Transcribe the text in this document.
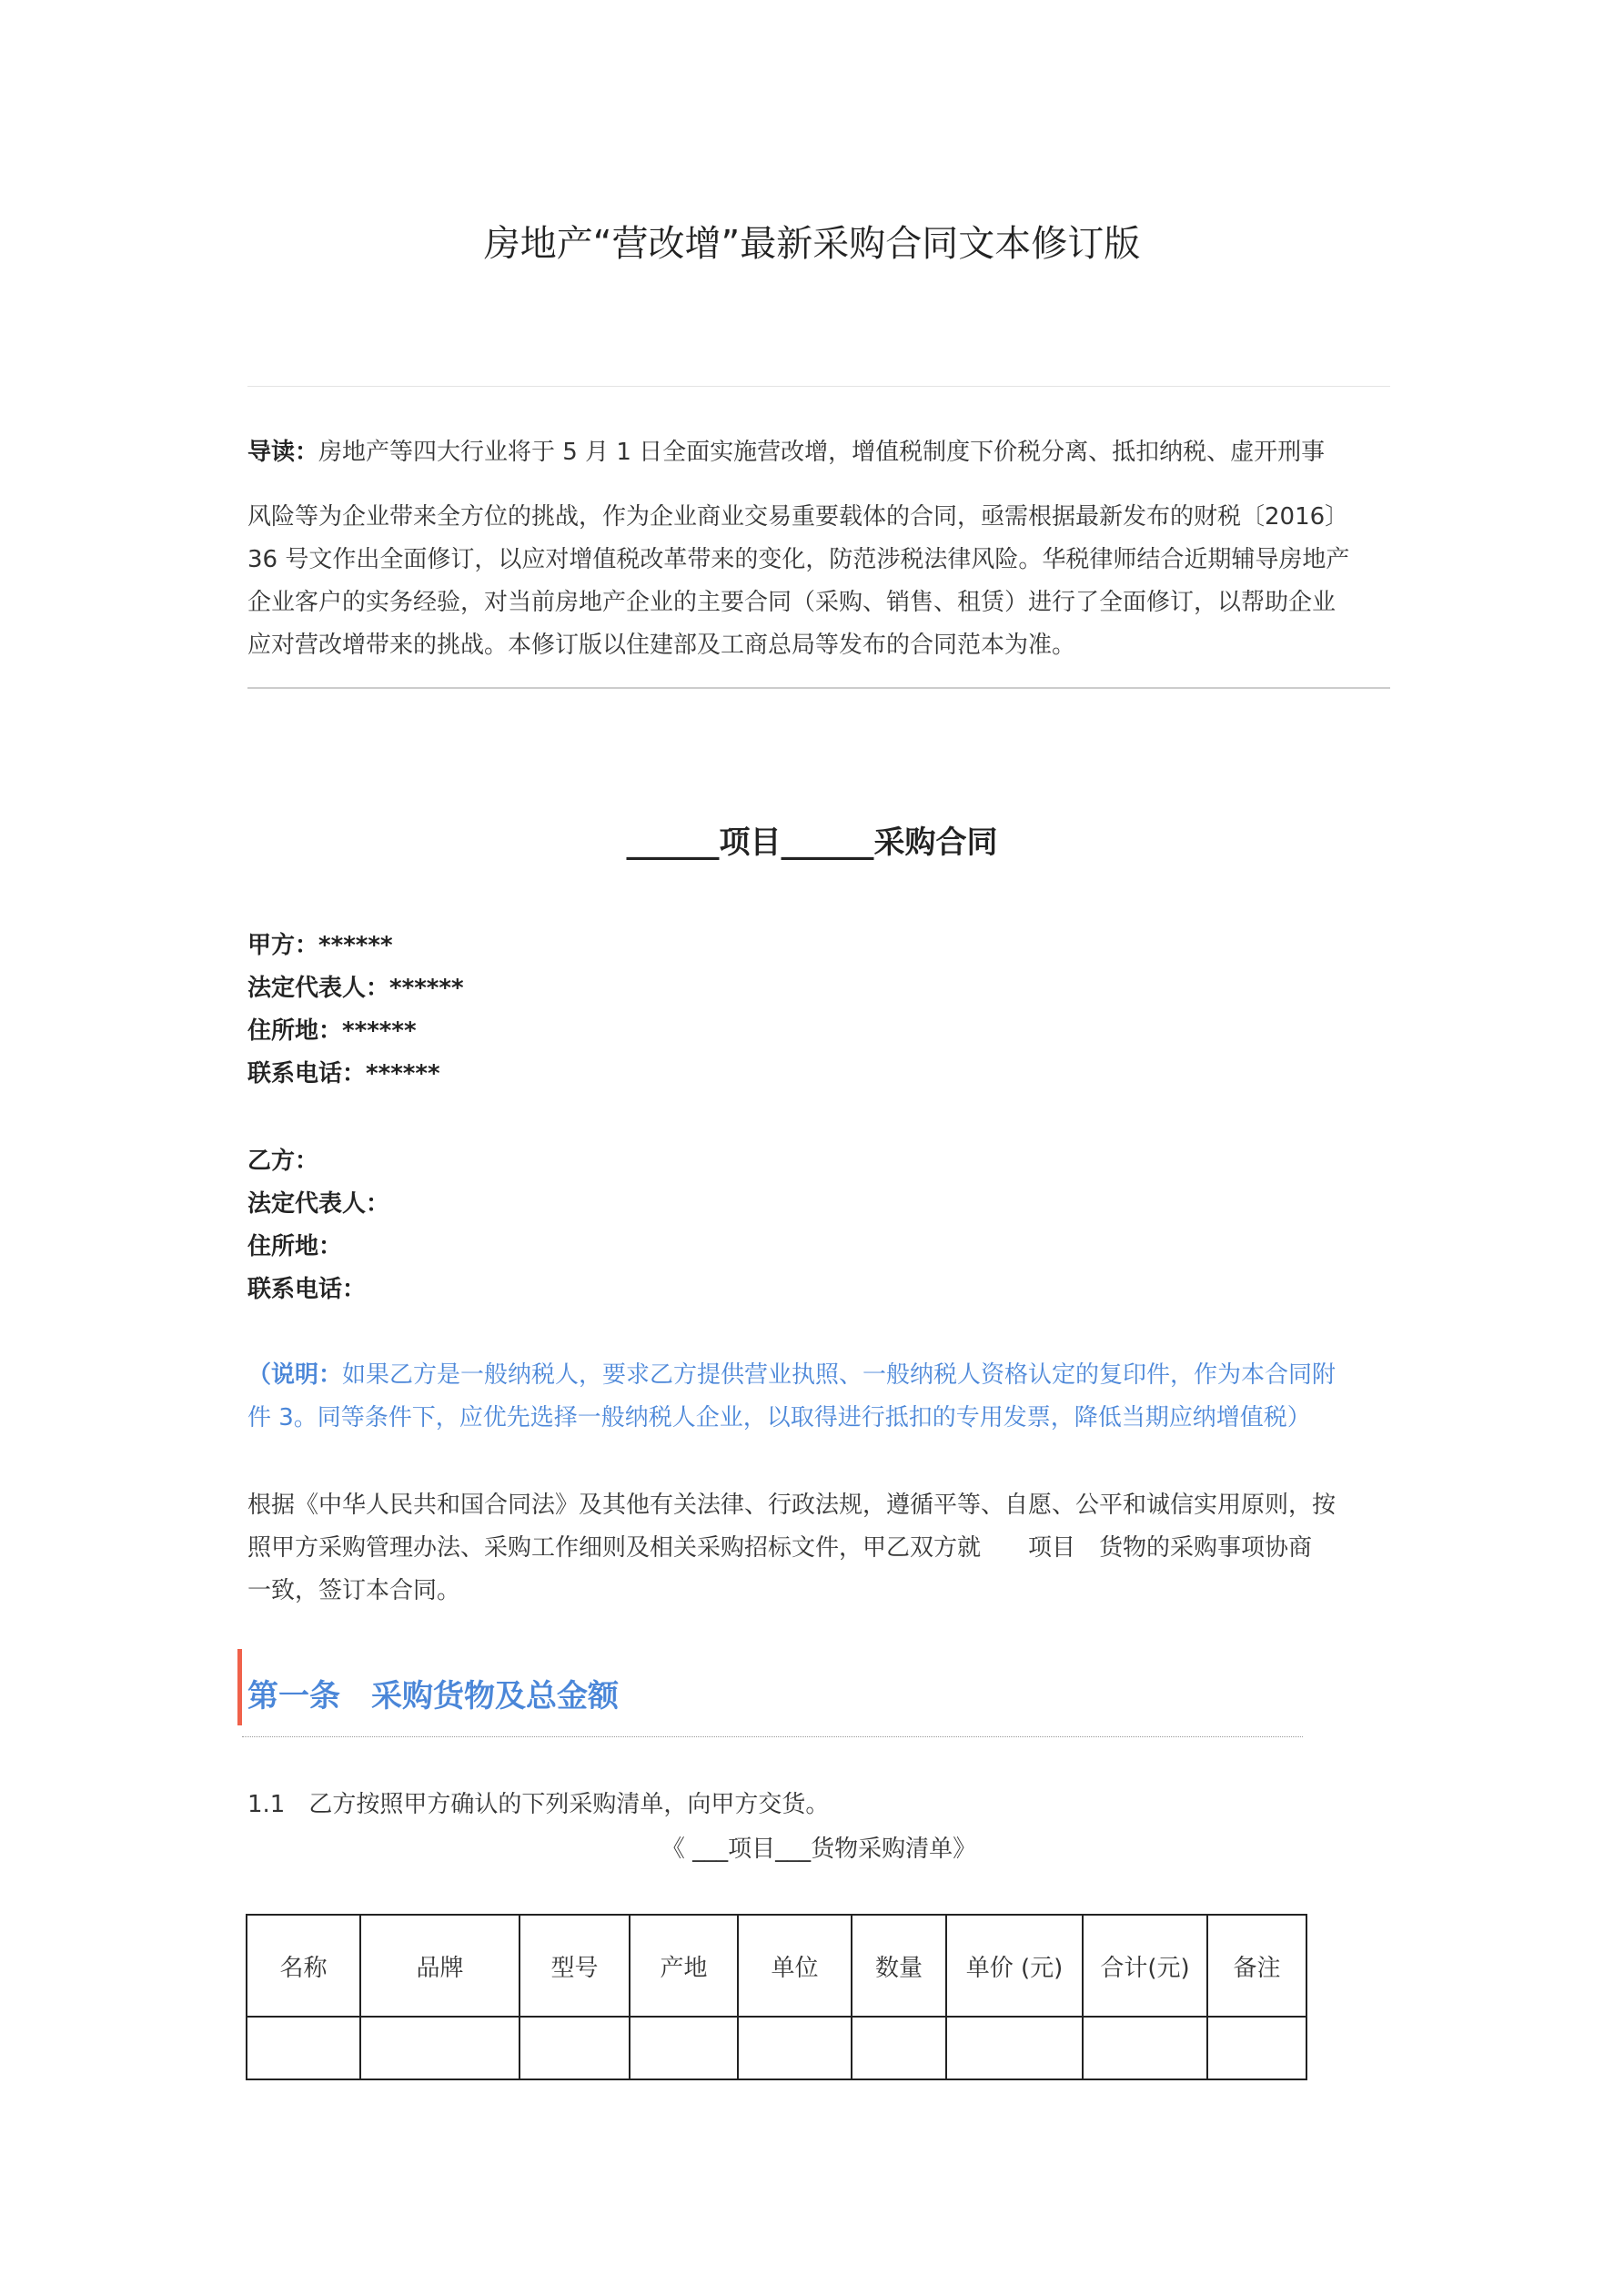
房地产“营改增”最新采购合同文本修订版
导读：房地产等四大行业将于 5 月 1 日全面实施营改增，增值税制度下价税分离、抵扣纳税、虚开刑事
风险等为企业带来全方位的挑战，作为企业商业交易重要载体的合同，亟需根据最新发布的财税〔2016〕
36 号文作出全面修订，以应对增值税改革带来的变化，防范涉税法律风险。华税律师结合近期辅导房地产
企业客户的实务经验，对当前房地产企业的主要合同（采购、销售、租赁）进行了全面修订，以帮助企业
应对营改增带来的挑战。本修订版以住建部及工商总局等发布的合同范本为准。
______项目______采购合同
甲方：******
法定代表人：******
住所地：******
联系电话：******
乙方：
法定代表人：
住所地：
联系电话：
（说明：如果乙方是一般纳税人，要求乙方提供营业执照、一般纳税人资格认定的复印件，作为本合同附
件 3。同等条件下，应优先选择一般纳税人企业，以取得进行抵扣的专用发票，降低当期应纳增值税）
根据《中华人民共和国合同法》及其他有关法律、行政法规，遵循平等、自愿、公平和诚信实用原则，按
照甲方采购管理办法、采购工作细则及相关采购招标文件，甲乙双方就　　项目　货物的采购事项协商
一致，签订本合同。
第一条　采购货物及总金额
1.1　乙方按照甲方确认的下列采购清单，向甲方交货。
《 ___项目___货物采购清单》
名称	品牌	型号	产地	单位	数量	单价 (元)	合计(元)	备注
